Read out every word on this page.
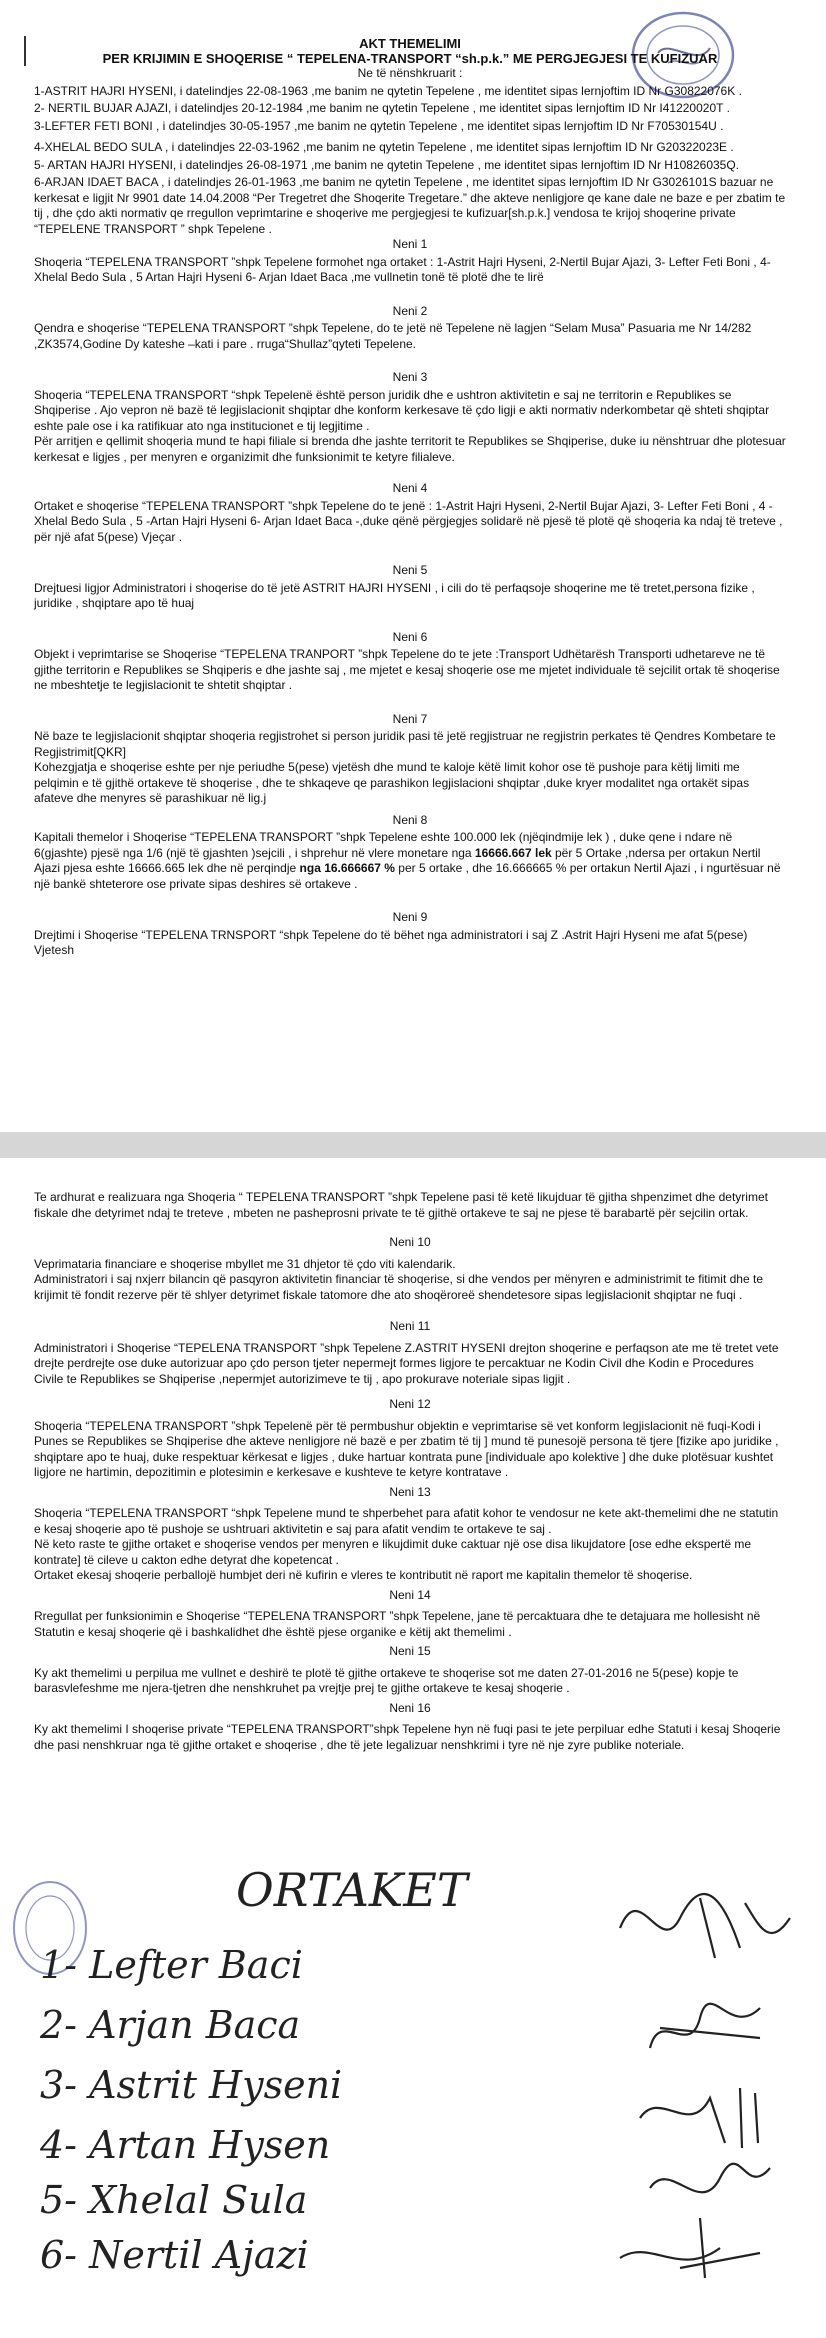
AKT THEMELIMI

PER KRIJIMIN E SHOQERISE “ TEPELENA-TRANSPORT “sh.p.k.” ME PERGJEGJESI TE KUFIZUAR

Ne të nënshkruarit :

1-ASTRIT HAJRI HYSENI, i datelindjes 22-08-1963 ,me banim ne qytetin Tepelene , me identitet sipas lernjoftim ID Nr G30822076K .

2- NERTIL BUJAR AJAZI, i datelindjes 20-12-1984 ,me banim ne qytetin Tepelene , me identitet sipas lernjoftim ID Nr I41220020T .

3-LEFTER FETI BONI , i datelindjes 30-05-1957 ,me banim ne qytetin Tepelene , me identitet sipas lernjoftim ID Nr F70530154U .

4-XHELAL BEDO SULA , i datelindjes 22-03-1962 ,me banim ne qytetin Tepelene , me identitet sipas lernjoftim ID Nr G20322023E .

5- ARTAN HAJRI HYSENI, i datelindjes 26-08-1971 ,me banim ne qytetin Tepelene , me identitet sipas lernjoftim ID Nr H10826035Q.

6-ARJAN IDAET BACA , i datelindjes 26-01-1963 ,me banim ne qytetin Tepelene , me identitet sipas lernjoftim ID Nr G3026101S bazuar ne kerkesat e ligjit Nr 9901 date 14.04.2008 “Per Tregetret dhe Shoqerite Tregetare.” dhe akteve nenligjore qe kane dale ne baze e per zbatim te tij , dhe çdo akti normativ qe rregullon veprimtarine e shoqerive me pergjegjesi te kufizuar[sh.p.k.] vendosa te krijoj shoqerine private “TEPELENE TRANSPORT ” shpk Tepelene .

Neni 1

Shoqeria “TEPELENA TRANSPORT ”shpk Tepelene formohet nga ortaket : 1-Astrit Hajri Hyseni, 2-Nertil Bujar Ajazi, 3- Lefter Feti Boni , 4- Xhelal Bedo Sula , 5 Artan Hajri Hyseni 6- Arjan Idaet Baca ,me vullnetin tonë të plotë dhe te lirë

Neni 2

Qendra e shoqerise “TEPELENA TRANSPORT ”shpk Tepelene, do te jetë në Tepelene në lagjen “Selam Musa” Pasuaria me Nr 14/282 ,ZK3574,Godine Dy kateshe –kati i pare . rruga“Shullaz”qyteti Tepelene.

Neni 3

Shoqeria “TEPELENA TRANSPORT “shpk Tepelenë është person juridik dhe e ushtron aktivitetin e saj ne territorin e Republikes se Shqiperise . Ajo vepron në bazë të legjislacionit shqiptar dhe konform kerkesave të çdo ligji e akti normativ nderkombetar që shteti shqiptar eshte pale ose i ka ratifikuar ato nga institucionet e tij legjitime .
Për arritjen e qellimit shoqeria mund te hapi filiale si brenda dhe jashte territorit te Republikes se Shqiperise, duke iu nënshtruar dhe plotesuar kerkesat e ligjes , per menyren e organizimit dhe funksionimit te ketyre filialeve.

Neni 4

Ortaket e shoqerise “TEPELENA TRANSPORT ”shpk Tepelene do te jenë : 1-Astrit Hajri Hyseni, 2-Nertil Bujar Ajazi, 3- Lefter Feti Boni , 4 -Xhelal Bedo Sula , 5 -Artan Hajri Hyseni 6- Arjan Idaet Baca -,duke qënë përgjegjes solidarë në pjesë të plotë që shoqeria ka ndaj të treteve , për një afat 5(pese) Vjeçar .

Neni 5

Drejtuesi ligjor Administratori i shoqerise do të jetë ASTRIT HAJRI HYSENI , i cili do të perfaqsoje shoqerine me të tretet,persona fizike , juridike , shqiptare apo të huaj

Neni 6

Objekt i veprimtarise se Shoqerise “TEPELENA TRANPORT ”shpk Tepelene do te jete :Transport Udhëtarësh Transporti udhetareve ne të gjithe territorin e Republikes se Shqiperis e dhe jashte saj , me mjetet e kesaj shoqerie ose me mjetet individuale të sejcilit ortak të shoqerise ne mbeshtetje te legjislacionit te shtetit shqiptar .

Neni 7

Në baze te legjislacionit shqiptar shoqeria regjistrohet si person juridik pasi të jetë regjistruar ne regjistrin perkates të Qendres Kombetare te Regjistrimit[QKR]
Kohezgjatja e shoqerise eshte per nje periudhe 5(pese) vjetësh dhe mund te kaloje këtë limit kohor ose të pushoje para këtij limiti me pelqimin e të gjithë ortakeve të shoqerise , dhe te shkaqeve qe parashikon legjislacioni shqiptar ,duke kryer modalitet nga ortakët sipas afateve dhe menyres së parashikuar në lig.j

Neni 8

Kapitali themelor i Shoqerise “TEPELENA TRANSPORT ”shpk Tepelene eshte 100.000 lek (njëqindmije lek ) , duke qene i ndare në 6(gjashte) pjesë nga 1/6 (një të gjashten )sejcili , i shprehur në vlere monetare nga 16666.667 lek për 5 Ortake ,ndersa per ortakun Nertil Ajazi pjesa eshte 16666.665 lek dhe në perqindje nga 16.666667 % per 5 ortake , dhe 16.666665 % per ortakun Nertil Ajazi , i ngurtësuar në një bankë shteterore ose private sipas deshires së ortakeve .

Neni 9

Drejtimi i Shoqerise “TEPELENA TRNSPORT “shpk Tepelene do të bëhet nga administratori i saj Z .Astrit Hajri Hyseni me afat 5(pese) Vjetesh

Te ardhurat e realizuara nga Shoqeria “ TEPELENA TRANSPORT ”shpk Tepelene pasi të ketë likujduar të gjitha shpenzimet dhe detyrimet fiskale dhe detyrimet ndaj te treteve , mbeten ne pasheprosni private te të gjithë ortakeve te saj ne pjese të barabartë për sejcilin ortak.

Neni 10

Veprimataria financiare e shoqerise mbyllet me 31 dhjetor të çdo viti kalendarik.
Administratori i saj nxjerr bilancin që pasqyron aktivitetin financiar të shoqerise, si dhe vendos per mënyren e administrimit te fitimit dhe te krijimit të fondit rezerve për të shlyer detyrimet fiskale tatomore dhe ato shoqëroreë shendetesore sipas legjislacionit shqiptar ne fuqi .

Neni 11

Administratori i Shoqerise “TEPELENA TRANSPORT ”shpk Tepelene Z.ASTRIT HYSENI drejton shoqerine e perfaqson ate me të tretet vete drejte perdrejte ose duke autorizuar apo çdo person tjeter nepermejt formes ligjore te percaktuar ne Kodin Civil dhe Kodin e Procedures Civile te Republikes se Shqiperise ,nepermjet autorizimeve te tij , apo prokurave noteriale sipas ligjit .

Neni 12

Shoqeria “TEPELENA TRANSPORT ”shpk Tepelenë për të permbushur objektin e veprimtarise së vet konform legjislacionit në fuqi-Kodi i Punes se Republikes se Shqiperise dhe akteve nenligjore në bazë e per zbatim të tij ] mund të punesojë persona të tjere [fizike apo juridike , shqiptare apo te huaj, duke respektuar kërkesat e ligjes , duke hartuar kontrata pune [individuale apo kolektive ] dhe duke plotësuar kushtet ligjore ne hartimin, depozitimin e plotesimin e kerkesave e kushteve te ketyre kontratave .

Neni 13

Shoqeria “TEPELENA TRANSPORT “shpk Tepelene mund te shperbehet para afatit kohor te vendosur ne kete akt-themelimi dhe ne statutin e kesaj shoqerie apo të pushoje se ushtruari aktivitetin e saj para afatit vendim te ortakeve te saj .
Në keto raste te gjithe ortaket e shoqerise vendos per menyren e likujdimit duke caktuar një ose disa likujdatore [ose edhe ekspertë me kontrate] të cileve u cakton edhe detyrat dhe kopetencat .
Ortaket ekesaj shoqerie perballojë humbjet deri në kufirin e vleres te kontributit në raport me kapitalin themelor të shoqerise.

Neni 14

Rregullat per funksionimin e Shoqerise “TEPELENA TRANSPORT ”shpk Tepelene, jane të percaktuara dhe te detajuara me hollesisht në Statutin e kesaj shoqerie që i bashkalidhet dhe është pjese organike e këtij akt themelimi .

Neni 15

Ky akt themelimi u perpilua me vullnet e deshirë te plotë të gjithe ortakeve te shoqerise sot me daten 27-01-2016 ne 5(pese) kopje te barasvlefeshme me njera-tjetren dhe nenshkruhet pa vrejtje prej te gjithe ortakeve te kesaj shoqerie .

Neni 16

Ky akt themelimi I shoqerise private “TEPELENA TRANSPORT”shpk Tepelene hyn në fuqi pasi te jete perpiluar edhe Statuti i kesaj Shoqerie dhe pasi nenshkruar nga të gjithe ortaket e shoqerise , dhe të jete legalizuar nenshkrimi i tyre në nje zyre publike noteriale.

ORTAKET
1- Lefter Baci
2- Arjan Baca
3- Astrit Hyseni
4- Artan Hysen
5- Xhelal Sula
6- Nertil Ajazi
